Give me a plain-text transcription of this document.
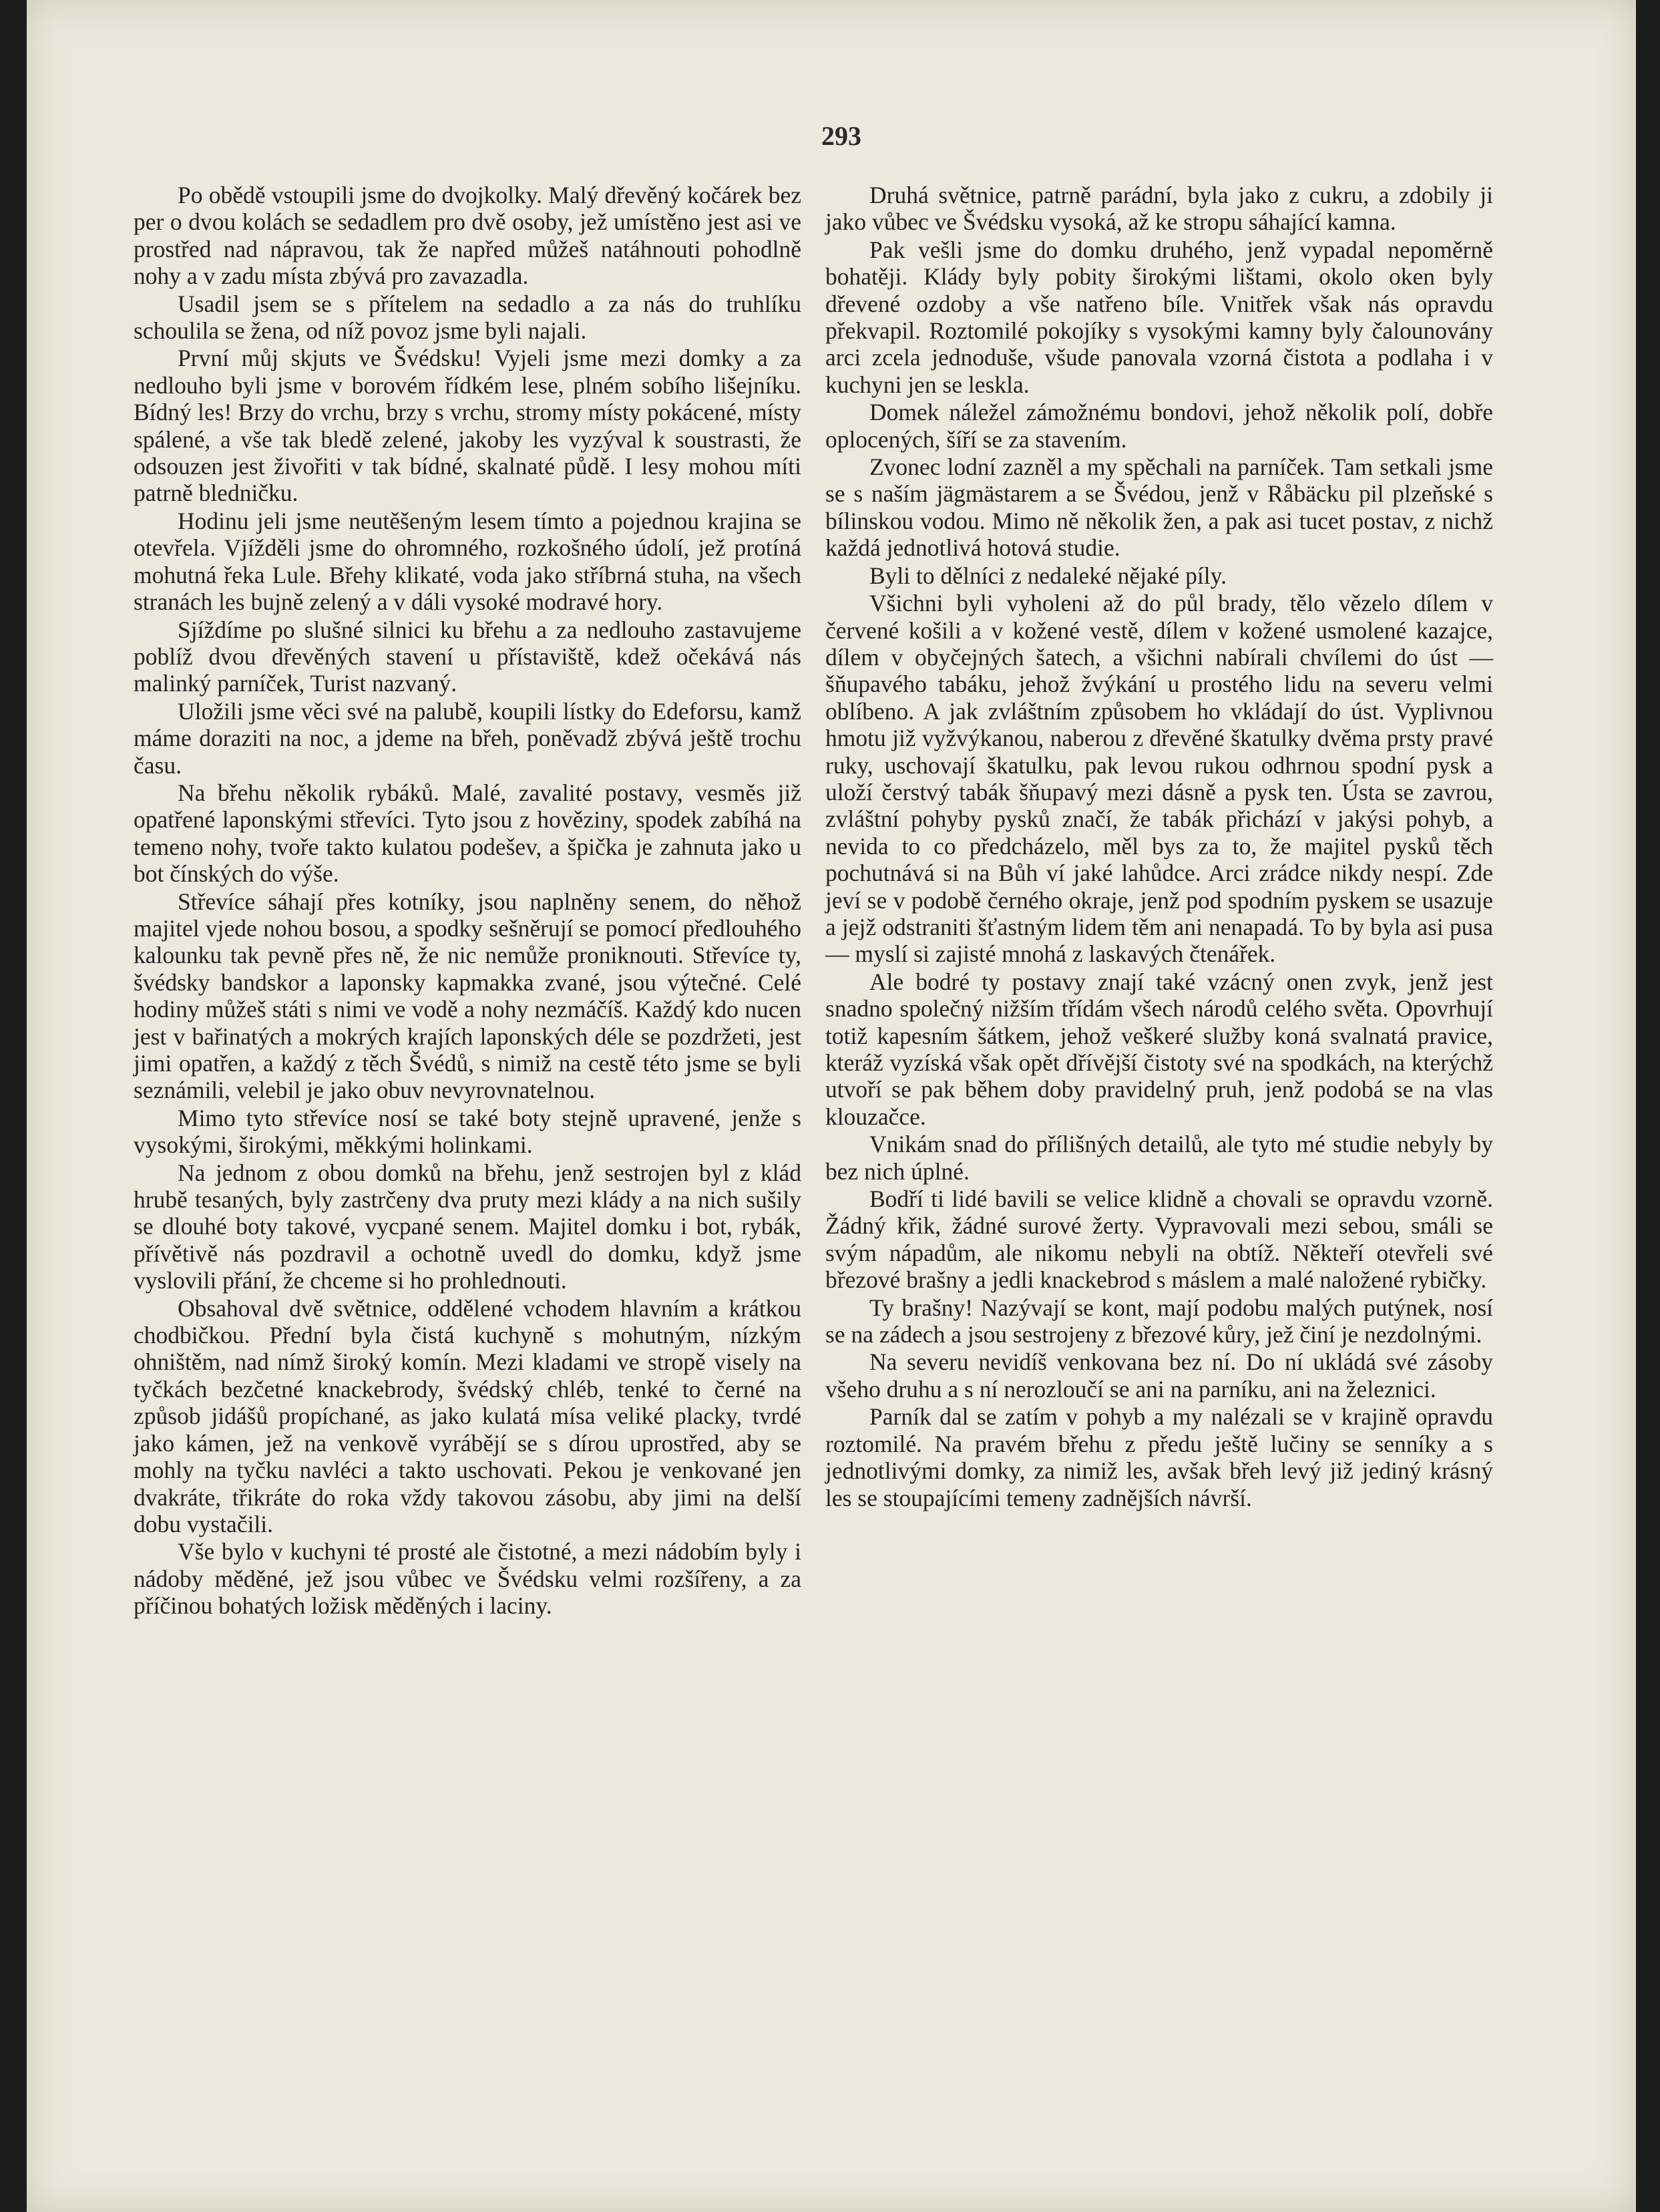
293

Po obědě vstoupili jsme do dvojkolky. Malý dřevěný kočárek bez per o dvou kolách se sedadlem pro dvě osoby, jež umístěno jest asi ve prostřed nad nápravou, tak že napřed můžeš natáhnouti pohodlně nohy a v zadu místa zbývá pro zavazadla.

Usadil jsem se s přítelem na sedadlo a za nás do truhlíku schoulila se žena, od níž povoz jsme byli najali.

První můj skjuts ve Švédsku! Vyjeli jsme mezi domky a za nedlouho byli jsme v borovém řídkém lese, plném sobího lišejníku. Bídný les! Brzy do vrchu, brzy s vrchu, stromy místy pokácené, místy spálené, a vše tak bledě zelené, jakoby les vyzýval k soustrasti, že odsouzen jest živořiti v tak bídné, skalnaté půdě. I lesy mohou míti patrně bledničku.

Hodinu jeli jsme neutěšeným lesem tímto a pojednou krajina se otevřela. Vjížděli jsme do ohromného, rozkošného údolí, jež protíná mohutná řeka Lule. Břehy klikaté, voda jako stříbrná stuha, na všech stranách les bujně zelený a v dáli vysoké modravé hory.

Sjíždíme po slušné silnici ku břehu a za nedlouho zastavujeme poblíž dvou dřevěných stavení u přístaviště, kdež očekává nás malinký parníček, Turist nazvaný.

Uložili jsme věci své na palubě, koupili lístky do Edeforsu, kamž máme doraziti na noc, a jdeme na břeh, poněvadž zbývá ještě trochu času.

Na břehu několik rybáků. Malé, zavalité postavy, vesměs již opatřené laponskými střevíci. Tyto jsou z hověziny, spodek zabíhá na temeno nohy, tvoře takto kulatou podešev, a špička je zahnuta jako u bot čínských do výše.

Střevíce sáhají přes kotníky, jsou naplněny senem, do něhož majitel vjede nohou bosou, a spodky sešněrují se pomocí předlouhého kalounku tak pevně přes ně, že nic nemůže proniknouti. Střevíce ty, švédsky bandskor a laponsky kapmakka zvané, jsou výtečné. Celé hodiny můžeš státi s nimi ve vodě a nohy nezmáčíš. Každý kdo nucen jest v bařinatých a mokrých krajích laponských déle se pozdržeti, jest jimi opatřen, a každý z těch Švédů, s nimiž na cestě této jsme se byli seznámili, velebil je jako obuv nevyrovnatelnou.

Mimo tyto střevíce nosí se také boty stejně upravené, jenže s vysokými, širokými, měkkými holinkami.

Na jednom z obou domků na břehu, jenž sestrojen byl z klád hrubě tesaných, byly zastrčeny dva pruty mezi klády a na nich sušily se dlouhé boty takové, vycpané senem. Majitel domku i bot, rybák, přívětivě nás pozdravil a ochotně uvedl do domku, když jsme vyslovili přání, že chceme si ho prohlednouti.

Obsahoval dvě světnice, oddělené vchodem hlavním a krátkou chodbičkou. Přední byla čistá kuchyně s mohutným, nízkým ohništěm, nad nímž široký komín. Mezi kladami ve stropě visely na tyčkách bezčetné knackebrody, švédský chléb, tenké to černé na způsob jidášů propíchané, as jako kulatá mísa veliké placky, tvrdé jako kámen, jež na venkově vyrábějí se s dírou uprostřed, aby se mohly na tyčku navléci a takto uschovati. Pekou je venkované jen dvakráte, třikráte do roka vždy takovou zásobu, aby jimi na delší dobu vystačili.

Vše bylo v kuchyni té prosté ale čistotné, a mezi nádobím byly i nádoby měděné, jež jsou vůbec ve Švédsku velmi rozšířeny, a za příčinou bohatých ložisk měděných i laciny.

Druhá světnice, patrně parádní, byla jako z cukru, a zdobily ji jako vůbec ve Švédsku vysoká, až ke stropu sáhající kamna.

Pak vešli jsme do domku druhého, jenž vypadal nepoměrně bohatěji. Klády byly pobity širokými lištami, okolo oken byly dřevené ozdoby a vše natřeno bíle. Vnitřek však nás opravdu překvapil. Roztomilé pokojíky s vysokými kamny byly čalounovány arci zcela jednoduše, všude panovala vzorná čistota a podlaha i v kuchyni jen se leskla.

Domek náležel zámožnému bondovi, jehož několik polí, dobře oplocených, šíří se za stavením.

Zvonec lodní zazněl a my spěchali na parníček. Tam setkali jsme se s naším jägmästarem a se Švédou, jenž v Råbäcku pil plzeňské s bílinskou vodou. Mimo ně několik žen, a pak asi tucet postav, z nichž každá jednotlivá hotová studie.

Byli to dělníci z nedaleké nějaké píly.

Všichni byli vyholeni až do půl brady, tělo vězelo dílem v červené košili a v kožené vestě, dílem v kožené usmolené kazajce, dílem v obyčejných šatech, a všichni nabírali chvílemi do úst — šňupavého tabáku, jehož žvýkání u prostého lidu na severu velmi oblíbeno. A jak zvláštním způsobem ho vkládají do úst. Vyplivnou hmotu již vyžvýkanou, naberou z dřevěné škatulky dvěma prsty pravé ruky, uschovají škatulku, pak levou rukou odhrnou spodní pysk a uloží čerstvý tabák šňupavý mezi dásně a pysk ten. Ústa se zavrou, zvláštní pohyby pysků značí, že tabák přichází v jakýsi pohyb, a nevida to co předcházelo, měl bys za to, že majitel pysků těch pochutnává si na Bůh ví jaké lahůdce. Arci zrádce nikdy nespí. Zde jeví se v podobě černého okraje, jenž pod spodním pyskem se usazuje a jejž odstraniti šťastným lidem těm ani nenapadá. To by byla asi pusa — myslí si zajisté mnohá z laskavých čtenářek.

Ale bodré ty postavy znají také vzácný onen zvyk, jenž jest snadno společný nižším třídám všech národů celého světa. Opovrhují totiž kapesním šátkem, jehož veškeré služby koná svalnatá pravice, kteráž vyzíská však opět dřívější čistoty své na spodkách, na kterýchž utvoří se pak během doby pravidelný pruh, jenž podobá se na vlas klouzačce.

Vnikám snad do přílišných detailů, ale tyto mé studie nebyly by bez nich úplné.

Bodří ti lidé bavili se velice klidně a chovali se opravdu vzorně. Žádný křik, žádné surové žerty. Vypravovali mezi sebou, smáli se svým nápadům, ale nikomu nebyli na obtíž. Někteří otevřeli své březové brašny a jedli knackebrod s máslem a malé naložené rybičky.

Ty brašny! Nazývají se kont, mají podobu malých putýnek, nosí se na zádech a jsou sestrojeny z březové kůry, jež činí je nezdolnými.

Na severu nevidíš venkovana bez ní. Do ní ukládá své zásoby všeho druhu a s ní nerozloučí se ani na parníku, ani na železnici.

Parník dal se zatím v pohyb a my nalézali se v krajině opravdu roztomilé. Na pravém břehu z předu ještě lučiny se senníky a s jednotlivými domky, za nimiž les, avšak břeh levý již jediný krásný les se stoupajícími temeny zadnějších návrší.
